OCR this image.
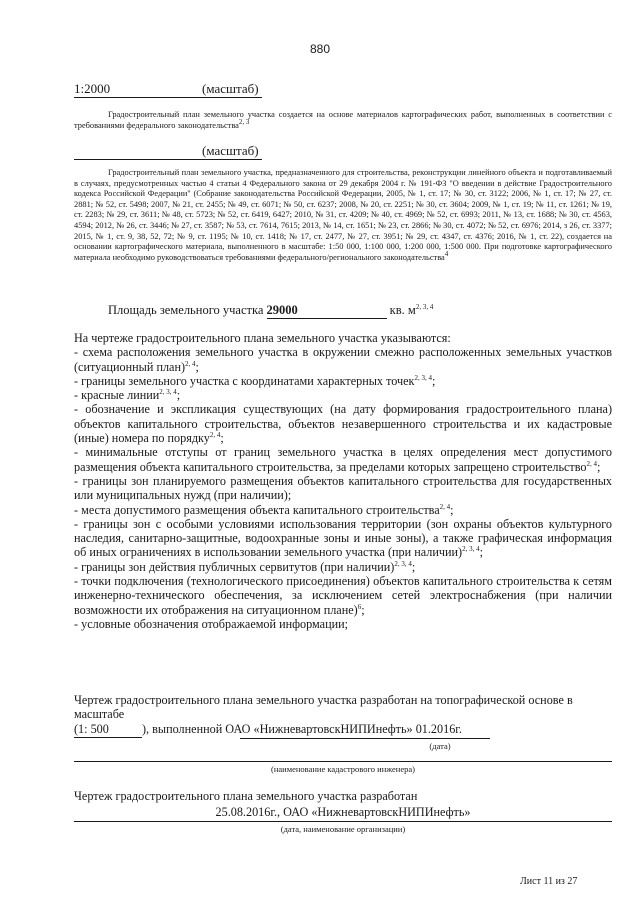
880
1:2000	(масштаб)
Градостроительный план земельного участка создается на основе материалов картографических работ, выполненных в соответствии с требованиями федерального законодательства$^{2, 3}$
(масштаб)
Градостроительный план земельного участка, предназначенного для строительства, реконструкции линейного объекта и подготавливаемый в случаях, предусмотренных частью 4 статьи 4 Федерального закона от 29 декабря 2004 г. № 191-ФЗ "О введении в действие Градостроительного кодекса Российской Федерации" (Собрание законодательства Российской Федерации, 2005, № 1, ст. 17; № 30, ст. 3122; 2006, № 1, ст. 17; № 27, ст. 2881; № 52, ст. 5498; 2007, № 21, ст. 2455; № 49, ст. 6071; № 50, ст. 6237; 2008, № 20, ст. 2251; № 30, ст. 3604; 2009, № 1, ст. 19; № 11, ст. 1261; № 19, ст. 2283; № 29, ст. 3611; № 48, ст. 5723; № 52, ст. 6419, 6427; 2010, № 31, ст. 4209; № 40, ст. 4969; № 52, ст. 6993; 2011, № 13, ст. 1688; № 30, ст. 4563, 4594; 2012, № 26, ст. 3446; № 27, ст. 3587; № 53, ст. 7614, 7615; 2013, № 14, ст. 1651; № 23, ст. 2866; № 30, ст. 4072; № 52, ст. 6976; 2014, з 26, ст. 3377; 2015, № 1, ст. 9, 38, 52, 72; № 9, ст. 1195; № 10, ст. 1418; № 17, ст. 2477, № 27, ст. 3951; № 29, ст. 4347, ст. 4376; 2016, № 1, ст. 22), создается на основании картографического материала, выполненного в масштабе: 1:50 000, 1:100 000, 1:200 000, 1:500 000. При подготовке картографического материала необходимо руководствоваться требованиями федерального/регионального законодательства$^4$
Площадь земельного участка 29000	кв. $м^{2, 3, 4}$

На чертеже градостроительного плана земельного участка указываются:

- схема расположения земельного участка в окружении смежно расположенных земельных участков (ситуационный план)$^{2, 4}$;

- границы земельного участка с координатами характерных точек$^{2, 3, 4}$;

- красные линии$^{2, 3, 4}$;

- обозначение и экспликация существующих (на дату формирования градостроительного плана) объектов капитального строительства, объектов незавершенного строительства и их кадастровые (иные) номера по порядку$^{2, 4}$;

- минимальные отступы от границ земельного участка в целях определения мест допустимого размещения объекта капитального строительства, за пределами которых запрещено строительство$^{2, 4}$;

- границы зон планируемого размещения объектов капитального строительства для государственных или муниципальных нужд (при наличии);

- места допустимого размещения объекта капитального строительства$^{2, 4}$;

- границы зон с особыми условиями использования территории (зон охраны объектов культурного наследия, санитарно-защитные, водоохранные зоны и иные зоны), а также графическая информация об иных ограничениях в использовании земельного участка (при наличии)$^{2, 3, 4}$;

- границы зон действия публичных сервитутов (при наличии)$^{2, 3, 4}$;

- точки подключения (технологического присоединения) объектов капитального строительства к сетям инженерно-технического обеспечения, за исключением сетей электроснабжения (при наличии возможности их отображения на ситуационном плане)$^6$;

- условные обозначения отображаемой информации;

Чертеж градостроительного плана земельного участка разработан на топографической основе в масштабе

(1: 500	), выполненной ОАО «НижневартовскНИПИнефть» 01.2016г.
(дата)
(наименование кадастрового инженера)
Чертеж градостроительного плана земельного участка разработан
25.08.2016г., ОАО «НижневартовскНИПИнефть»
(дата, наименование организации)
Лист 11 из 27
